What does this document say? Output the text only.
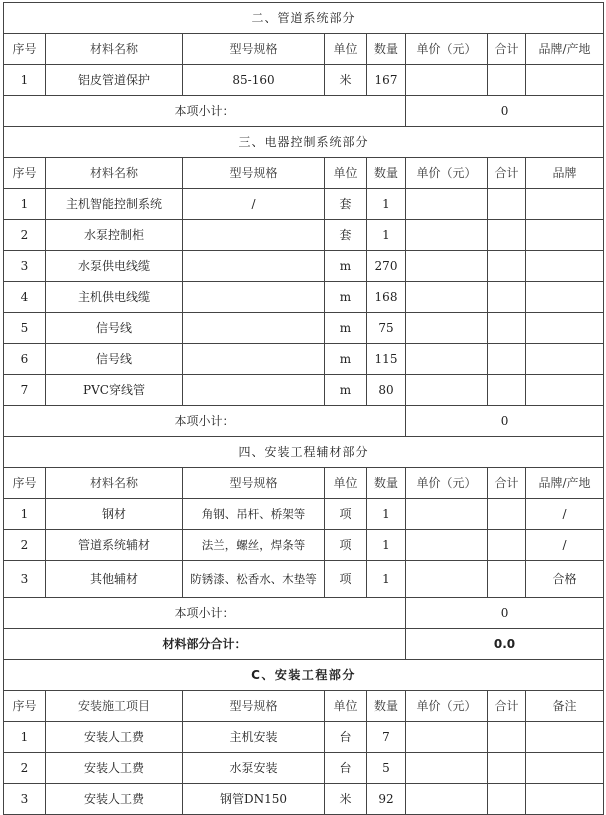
二、管道系统部分							
序号	材料名称	型号规格	单位	数量	单价（元）	合计	品牌/产地
1	铝皮管道保护	85-160	米	167			
本项小计：					0		
三、电器控制系统部分							
序号	材料名称	型号规格	单位	数量	单价（元）	合计	品牌
1	主机智能控制系统	/	套	1			
2	水泵控制柜		套	1			
3	水泵供电线缆		m	270			
4	主机供电线缆		m	168			
5	信号线		m	75			
6	信号线		m	115			
7	PVC穿线管		m	80			
本项小计：					0		
四、安装工程辅材部分							
序号	材料名称	型号规格	单位	数量	单价（元）	合计	品牌/产地
1	钢材	角钢、吊杆、桥架等	项	1			/
2	管道系统辅材	法兰，螺丝，焊条等	项	1			/
3	其他辅材	防锈漆、松香水、木垫等	项	1			合格
本项小计：					0		
材料部分合计：					0.0		
C、安装工程部分							
序号	安装施工项目	型号规格	单位	数量	单价（元）	合计	备注
1	安装人工费	主机安装	台	7			
2	安装人工费	水泵安装	台	5			
3	安装人工费	钢管DN150	米	92			
